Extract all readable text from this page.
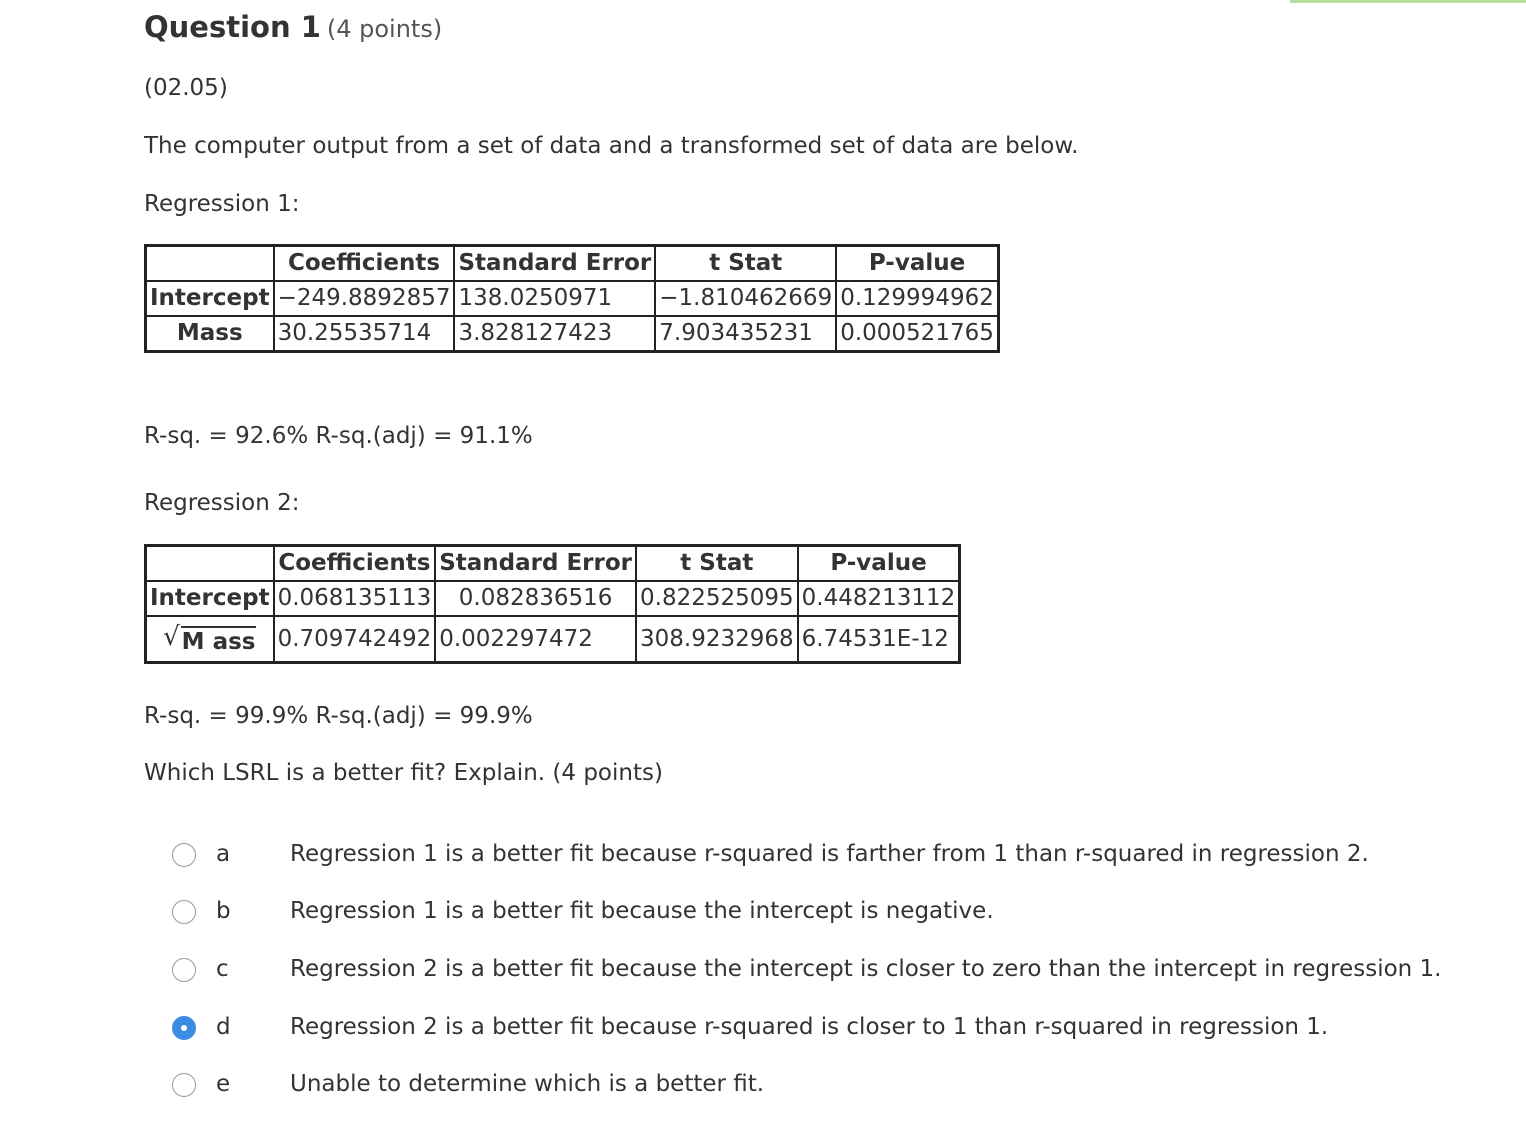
Question 1 (4 points)
(02.05)
The computer output from a set of data and a transformed set of data are below.
Regression 1:
	Coefficients	Standard Error	t Stat	P-value
Intercept	−249.8892857	138.0250971	−1.810462669	0.129994962
Mass	30.25535714	3.828127423	7.903435231	0.000521765
R-sq. = 92.6% R-sq.(adj) = 91.1%
Regression 2:
	Coefficients	Standard Error	t Stat	P-value
Intercept	0.068135113	0.082836516	0.822525095	0.448213112

√ M ass	0.709742492	0.002297472	308.9232968	6.74531E-12
R-sq. = 99.9% R-sq.(adj) = 99.9%
Which LSRL is a better fit? Explain. (4 points)
a	Regression 1 is a better fit because r-squared is farther from 1 than r-squared in regression 2.
b	Regression 1 is a better fit because the intercept is negative.
c	Regression 2 is a better fit because the intercept is closer to zero than the intercept in regression 1.
d	Regression 2 is a better fit because r-squared is closer to 1 than r-squared in regression 1.
e	Unable to determine which is a better fit.
